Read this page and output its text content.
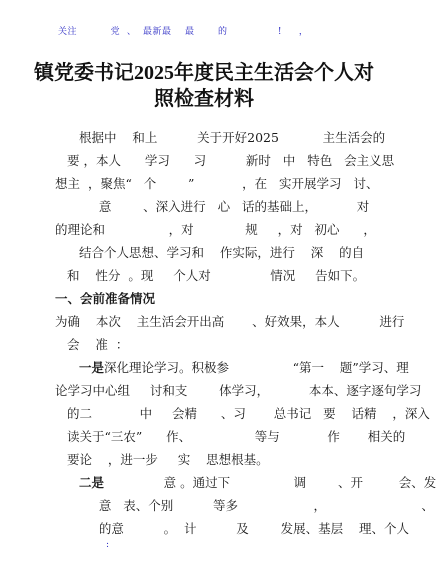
关注          党  、  最新最    最       的               !     ，
镇党委书记2025年度民主生活会个人对
照检查材料
根据中    和上          关于开好2025           主生活会的
要 ，本人      学习      习          新时   中   特色   会主义思
想主  ，聚焦“   个        ”            ，在   实开展学习   讨、
意        、深入进行   心   话的基础上，          对
的理论和                ，对             规     ，对   初心      ，
结合个人思想、学习和    作实际，进行    深    的自
和    性分  。现     个人对               情况     告如下。
一、会前准备情况
为确    本次    主生活会开出高       、好效果，本人          进行
会    准  ：
一是深化理论学习。积极参                “第一    题”学习、理
论学习中心组     讨和支        体学习，          本本、逐字逐句学习
的二            中     会精      、习       总书记   要    话精    ，深入
读关于“三农”      作、                等与            作       相关的
要论    ，进一步     实    思想根基。
二是               意 。通过下                调        、开         会、发
意   表、个别          等多                   ，                        、
的意          。  计          及        发展、基层    理、个人
:
